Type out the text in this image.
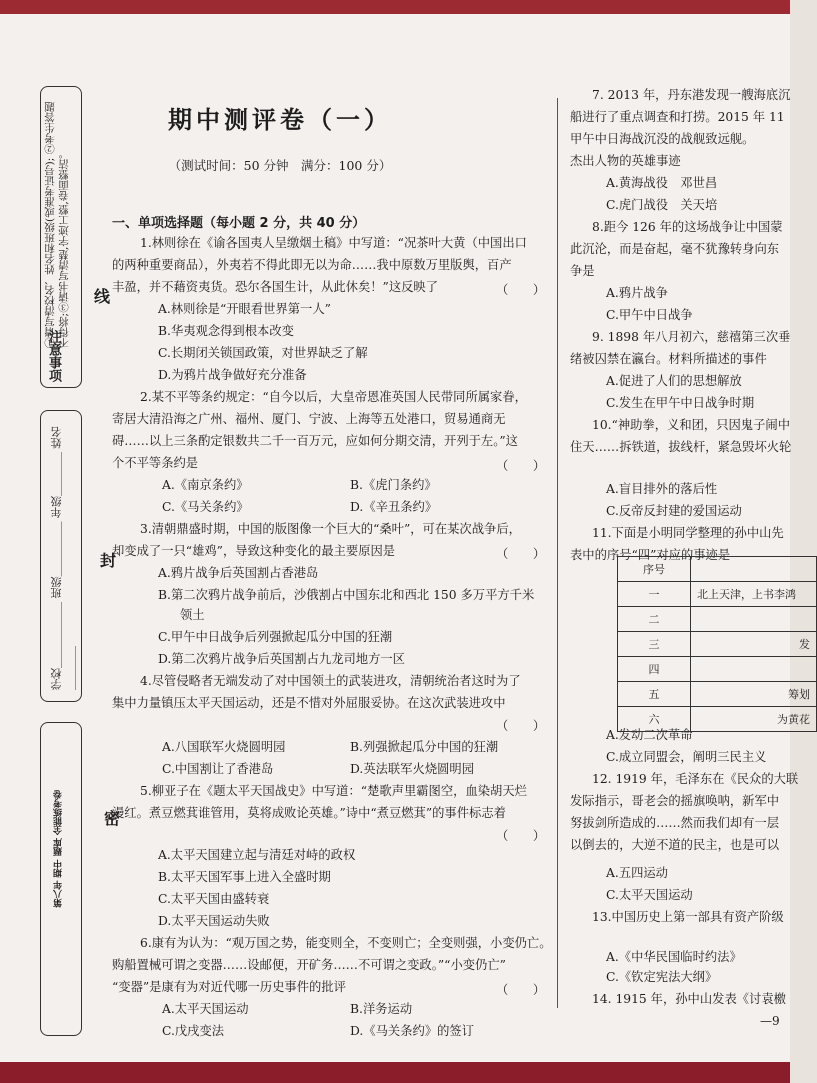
①请写清校名、姓名和班级(或准考证号); ②考生答题不得将;③请书写清楚,字迹工整,卷面整洁。
注意事项
学校＿＿＿＿＿＿ 班级＿＿＿＿＿ 年级＿＿＿＿ 姓名＿＿＿＿
第八年 期中 题库 全能练考卷
线
封
密
期中测评卷（一）
（测试时间：50 分钟　满分：100 分）
一、单项选择题（每小题 2 分，共 40 分）
1.林则徐在《谕各国夷人呈缴烟土稿》中写道：“况茶叶大黄（中国出口
的两种重要商品），外夷若不得此即无以为命……我中原数万里版舆，百产
丰盈，并不藉资夷货。恐尔各国生计，从此休矣！”这反映了	（　　）
A.林则徐是“开眼看世界第一人”
B.华夷观念得到根本改变
C.长期闭关锁国政策，对世界缺乏了解
D.为鸦片战争做好充分准备
2.某不平等条约规定：“自今以后，大皇帝恩准英国人民带同所属家眷，
寄居大清沿海之广州、福州、厦门、宁波、上海等五处港口，贸易通商无
碍……以上三条酌定银数共二千一百万元，应如何分期交清，开列于左。”这
个不平等条约是	（　　）
A.《南京条约》	B.《虎门条约》
C.《马关条约》	D.《辛丑条约》
3.清朝鼎盛时期，中国的版图像一个巨大的“桑叶”，可在某次战争后，
却变成了一只“雄鸡”，导致这种变化的最主要原因是	（　　）
A.鸦片战争后英国割占香港岛
B.第二次鸦片战争前后，沙俄割占中国东北和西北 150 多万平方千米
领土
C.甲午中日战争后列强掀起瓜分中国的狂潮
D.第二次鸦片战争后英国割占九龙司地方一区
4.尽管侵略者无端发动了对中国领土的武装进攻，清朝统治者这时为了
集中力量镇压太平天国运动，还是不惜对外屈服妥协。在这次武装进攻中
（　　）
A.八国联军火烧圆明园	B.列强掀起瓜分中国的狂潮
C.中国割让了香港岛	D.英法联军火烧圆明园
5.柳亚子在《题太平天国战史》中写道：“楚歌声里霸图空，血染胡天烂
漫红。煮豆燃萁谁管用，莫将成败论英雄。”诗中“煮豆燃萁”的事件标志着
（　　）
A.太平天国建立起与清廷对峙的政权
B.太平天国军事上进入全盛时期
C.太平天国由盛转衰
D.太平天国运动失败
6.康有为认为：“观万国之势，能变则全，不变则亡；全变则强，小变仍亡。
购船置械可谓之变器……设邮便，开矿务……不可谓之变政。”“小变仍亡”
“变器”是康有为对近代哪一历史事件的批评	（　　）
A.太平天国运动	B.洋务运动
C.戊戌变法	D.《马关条约》的签订
7. 2013 年，丹东港发现一艘海底沉
船进行了重点调查和打捞。2015 年 11
甲午中日海战沉没的战舰致远舰。
杰出人物的英雄事迹
A.黄海战役　邓世昌
C.虎门战役　关天培
8.距今 126 年的这场战争让中国蒙
此沉沦，而是奋起，毫不犹豫转身向东
争是
A.鸦片战争
C.甲午中日战争
9. 1898 年八月初六，慈禧第三次垂
绪被囚禁在瀛台。材料所描述的事件
A.促进了人们的思想解放
C.发生在甲午中日战争时期
10.“神助拳，义和团，只因鬼子闹中
住天……拆铁道，拔线杆，紧急毁坏火轮
A.盲目排外的落后性
C.反帝反封建的爱国运动
11.下面是小明同学整理的孙中山先
表中的序号“四”对应的事迹是
A.发动二次革命
C.成立同盟会，阐明三民主义
12. 1919 年，毛泽东在《民众的大联
发际指示，哥老会的摇旗唤呐，新军中
努拔剑所造成的……然而我们却有一层
以倒去的，大逆不道的民主，也是可以
A.五四运动
C.太平天国运动
13.中国历史上第一部具有资产阶级
A.《中华民国临时约法》
C.《钦定宪法大纲》
14. 1915 年，孙中山发表《讨袁檄
—9
序号	
一	北上天津，上书李鸿
二	
三	发
四	
五	筹划
六	为黄花
